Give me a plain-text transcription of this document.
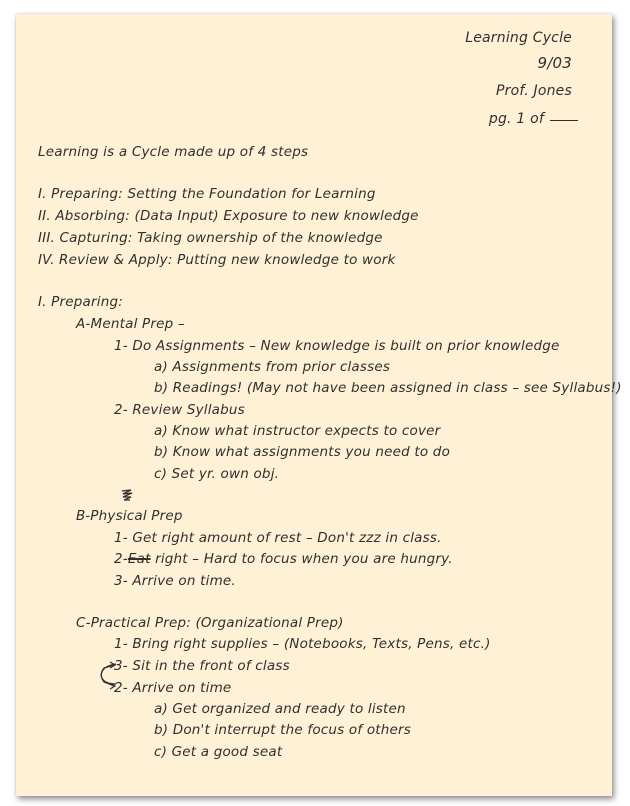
Learning Cycle
9/03
Prof. Jones
pg. 1 of
Learning is a Cycle made up of 4 steps
I. Preparing: Setting the Foundation for Learning
II. Absorbing: (Data Input) Exposure to new knowledge
III. Capturing: Taking ownership of the knowledge
IV. Review & Apply: Putting new knowledge to work
I. Preparing:
A-Mental Prep –
1- Do Assignments – New knowledge is built on prior knowledge
a) Assignments from prior classes
b) Readings! (May not have been assigned in class – see Syllabus!)
2- Review Syllabus
a) Know what instructor expects to cover
b) Know what assignments you need to do
c) Set yr. own obj.
B-Physical Prep
1- Get right amount of rest – Don't zzz in class.
2-Eat right – Hard to focus when you are hungry.
3- Arrive on time.
C-Practical Prep: (Organizational Prep)
1- Bring right supplies – (Notebooks, Texts, Pens, etc.)
3- Sit in the front of class
2- Arrive on time
a) Get organized and ready to listen
b) Don't interrupt the focus of others
c) Get a good seat
